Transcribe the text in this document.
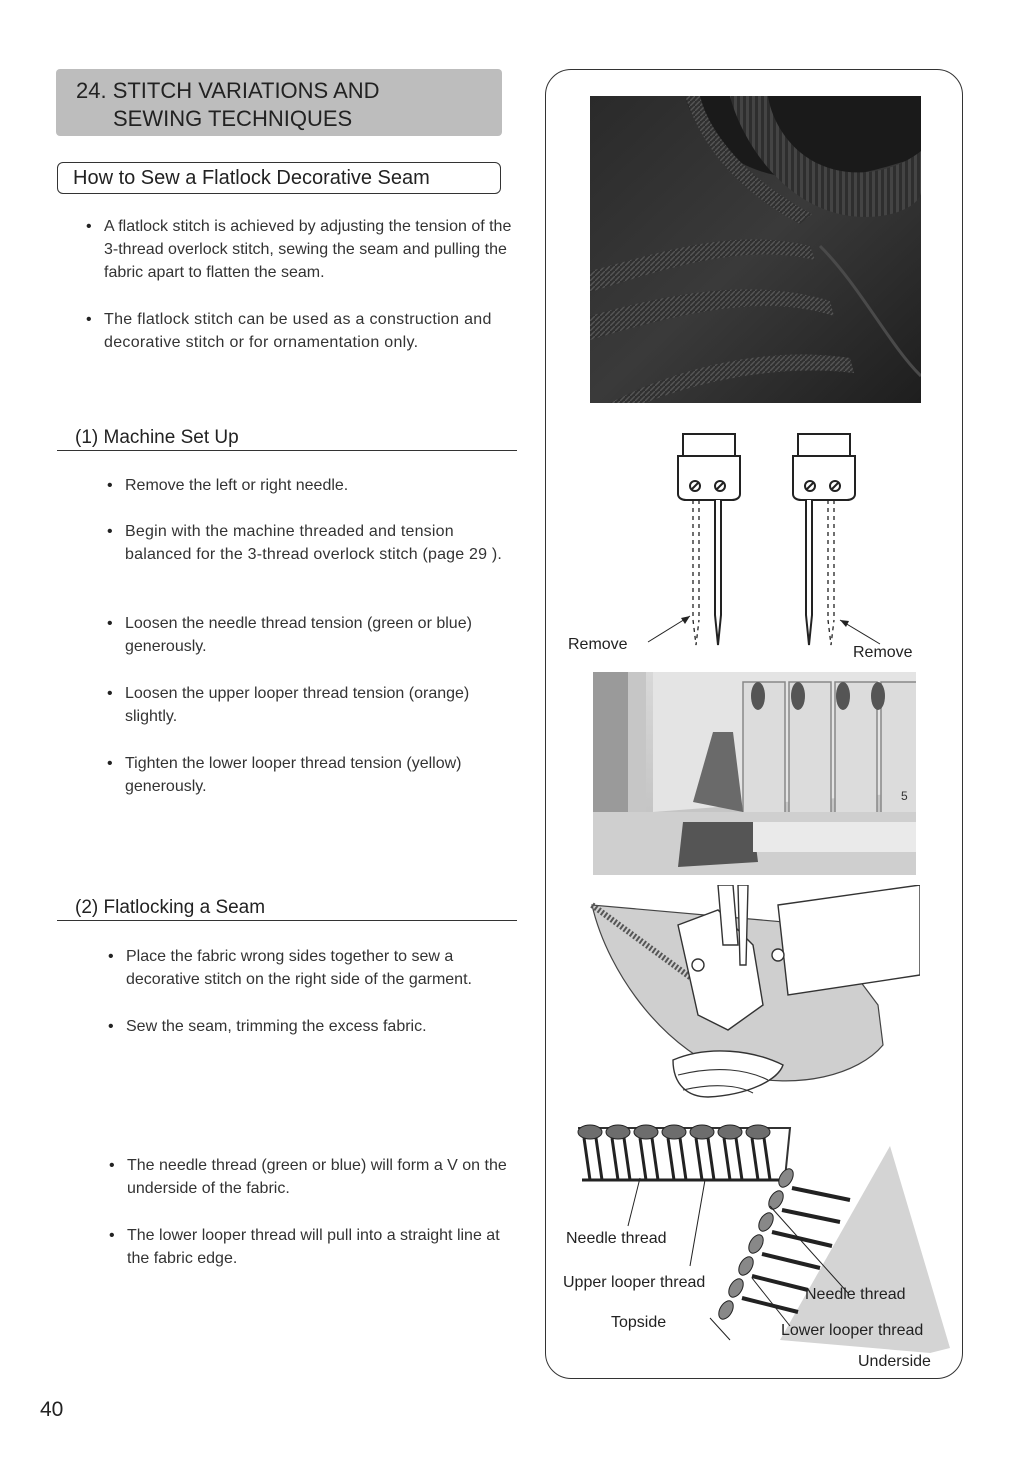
24. STITCH VARIATIONS AND
SEWING TECHNIQUES
How to Sew a Flatlock Decorative Seam
• A flatlock stitch is achieved by adjusting the tension of the 3-thread overlock stitch, sewing the seam and pulling the fabric apart to flatten the seam.
• The flatlock stitch can be used as a construction and decorative stitch or for ornamentation only.
(1) Machine Set Up
• Remove the left or right needle.
• Begin with the machine threaded and tension balanced for the 3-thread overlock stitch (page 29 ).
• Loosen the needle thread tension (green or blue) generously.
• Loosen the upper looper thread tension (orange) slightly.
• Tighten the lower looper thread tension (yellow) generously.
(2) Flatlocking a Seam
• Place the fabric wrong sides together to sew a decorative stitch on the right side of the garment.
• Sew the seam, trimming the excess fabric.
• The needle thread (green or blue) will form a V on the underside of the fabric.
• The lower looper thread will pull into a straight line at the fabric edge.
40
Remove	Remove
5
Needle thread
Upper looper thread
Topside
Needle thread
Lower looper thread
Underside
